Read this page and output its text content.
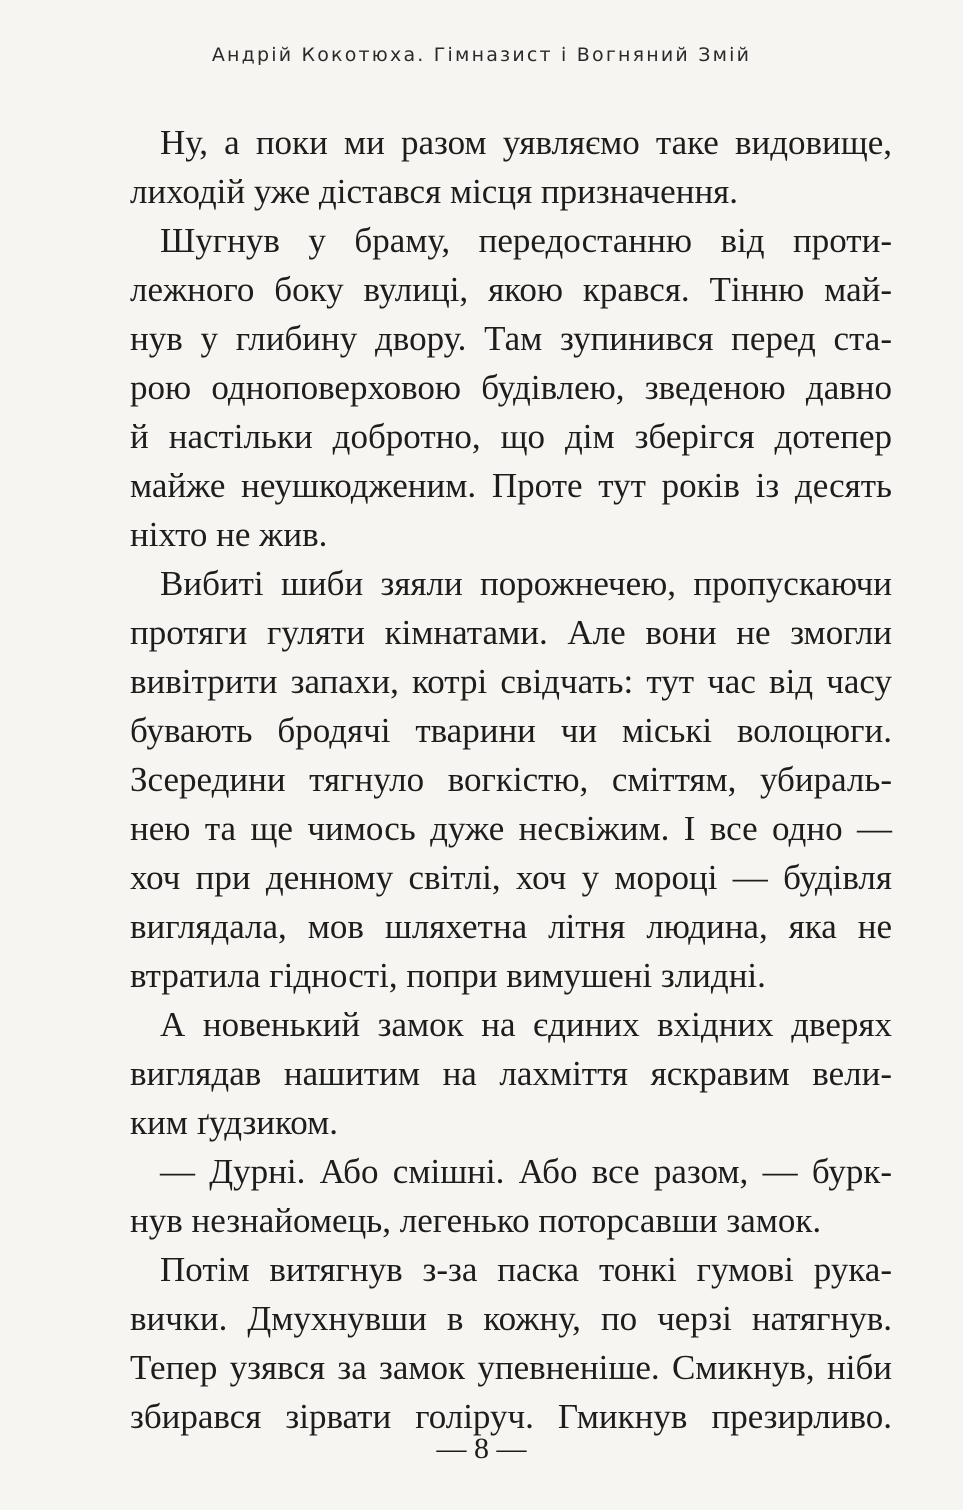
Андрій Кокотюха. Гімназист і Вогняний Змій
Ну, а поки ми разом уявляємо таке видовище,
лиходій уже дістався місця призначення.
Шугнув у браму, передостанню від проти-
лежного боку вулиці, якою крався. Тінню май-
нув у глибину двору. Там зупинився перед ста-
рою одноповерховою будівлею, зведеною давно
й настільки добротно, що дім зберігся дотепер
майже неушкодженим. Проте тут років із десять
ніхто не жив.
Вибиті шиби зяяли порожнечею, пропускаючи
протяги гуляти кімнатами. Але вони не змогли
вивітрити запахи, котрі свідчать: тут час від часу
бувають бродячі тварини чи міські волоцюги.
Зсередини тягнуло вогкістю, сміттям, убираль-
нею та ще чимось дуже несвіжим. І все одно —
хоч при денному світлі, хоч у мороці — будівля
виглядала, мов шляхетна літня людина, яка не
втратила гідності, попри вимушені злидні.
А новенький замок на єдиних вхідних дверях
виглядав нашитим на лахміття яскравим вели-
ким ґудзиком.
— Дурні. Або смішні. Або все разом, — бурк-
нув незнайомець, легенько поторсавши замок.
Потім витягнув з-за паска тонкі гумові рука-
вички. Дмухнувши в кожну, по черзі натягнув.
Тепер узявся за замок упевненіше. Смикнув, ніби
збирався зірвати голіруч. Гмикнув презирливо.
— 8 —
